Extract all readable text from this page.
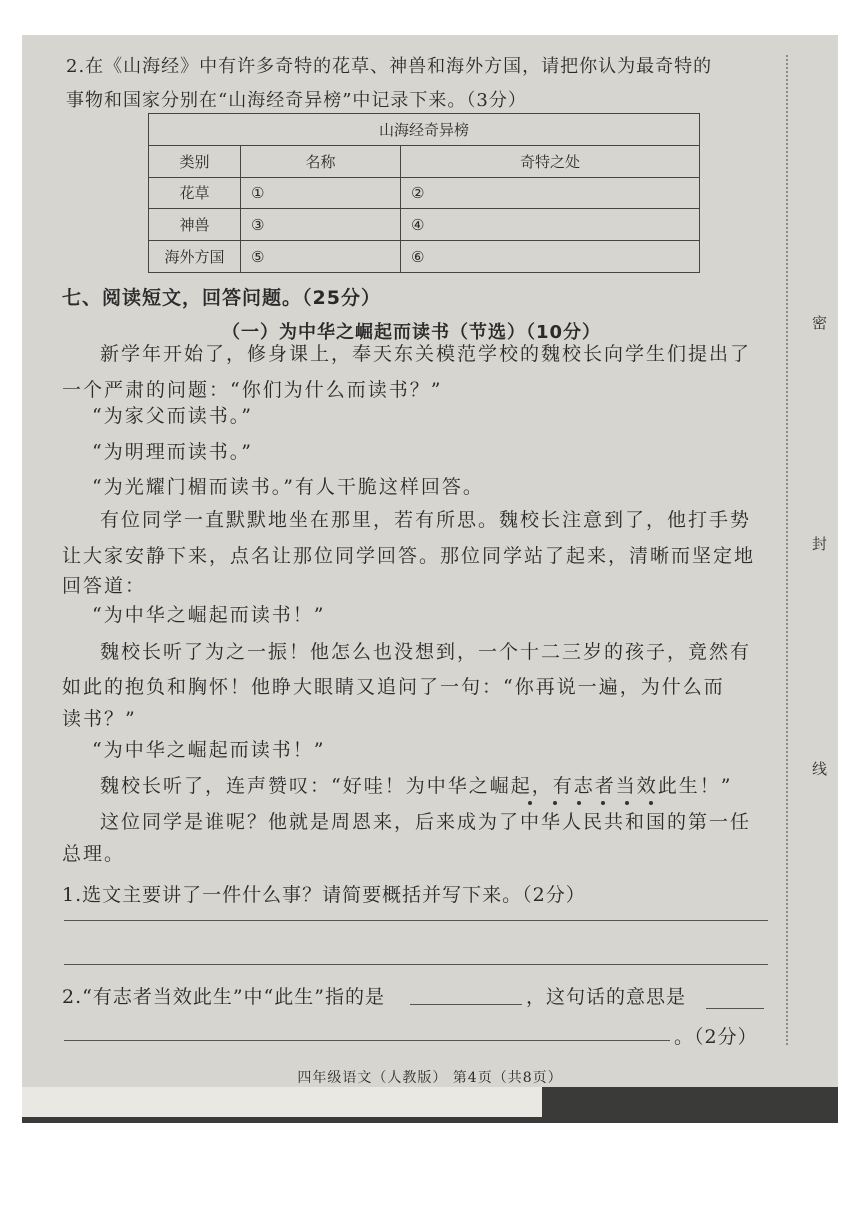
密
封
线
2.在《山海经》中有许多奇特的花草、神兽和海外方国，请把你认为最奇特的
事物和国家分别在“山海经奇异榜”中记录下来。（3分）
山海经奇异榜		
类别	名称	奇特之处
花草	①	②
神兽	③	④
海外方国	⑤	⑥
七、阅读短文，回答问题。（25分）
（一）为中华之崛起而读书（节选）（10分）
新学年开始了，修身课上，奉天东关模范学校的魏校长向学生们提出了
一个严肃的问题：“你们为什么而读书？”
“为家父而读书。”
“为明理而读书。”
“为光耀门楣而读书。”有人干脆这样回答。
有位同学一直默默地坐在那里，若有所思。魏校长注意到了，他打手势
让大家安静下来，点名让那位同学回答。那位同学站了起来，清晰而坚定地
回答道：
“为中华之崛起而读书！”
魏校长听了为之一振！他怎么也没想到，一个十二三岁的孩子，竟然有
如此的抱负和胸怀！他睁大眼睛又追问了一句：“你再说一遍，为什么而
读书？”
“为中华之崛起而读书！”
魏校长听了，连声赞叹：“好哇！为中华之崛起，有志者当效此生！”
这位同学是谁呢？他就是周恩来，后来成为了中华人民共和国的第一任
总理。
1.选文主要讲了一件什么事？请简要概括并写下来。（2分）
2.“有志者当效此生”中“此生”指的是	，这句话的意思是
。（2分）
四年级语文（人教版） 第4页（共8页）
